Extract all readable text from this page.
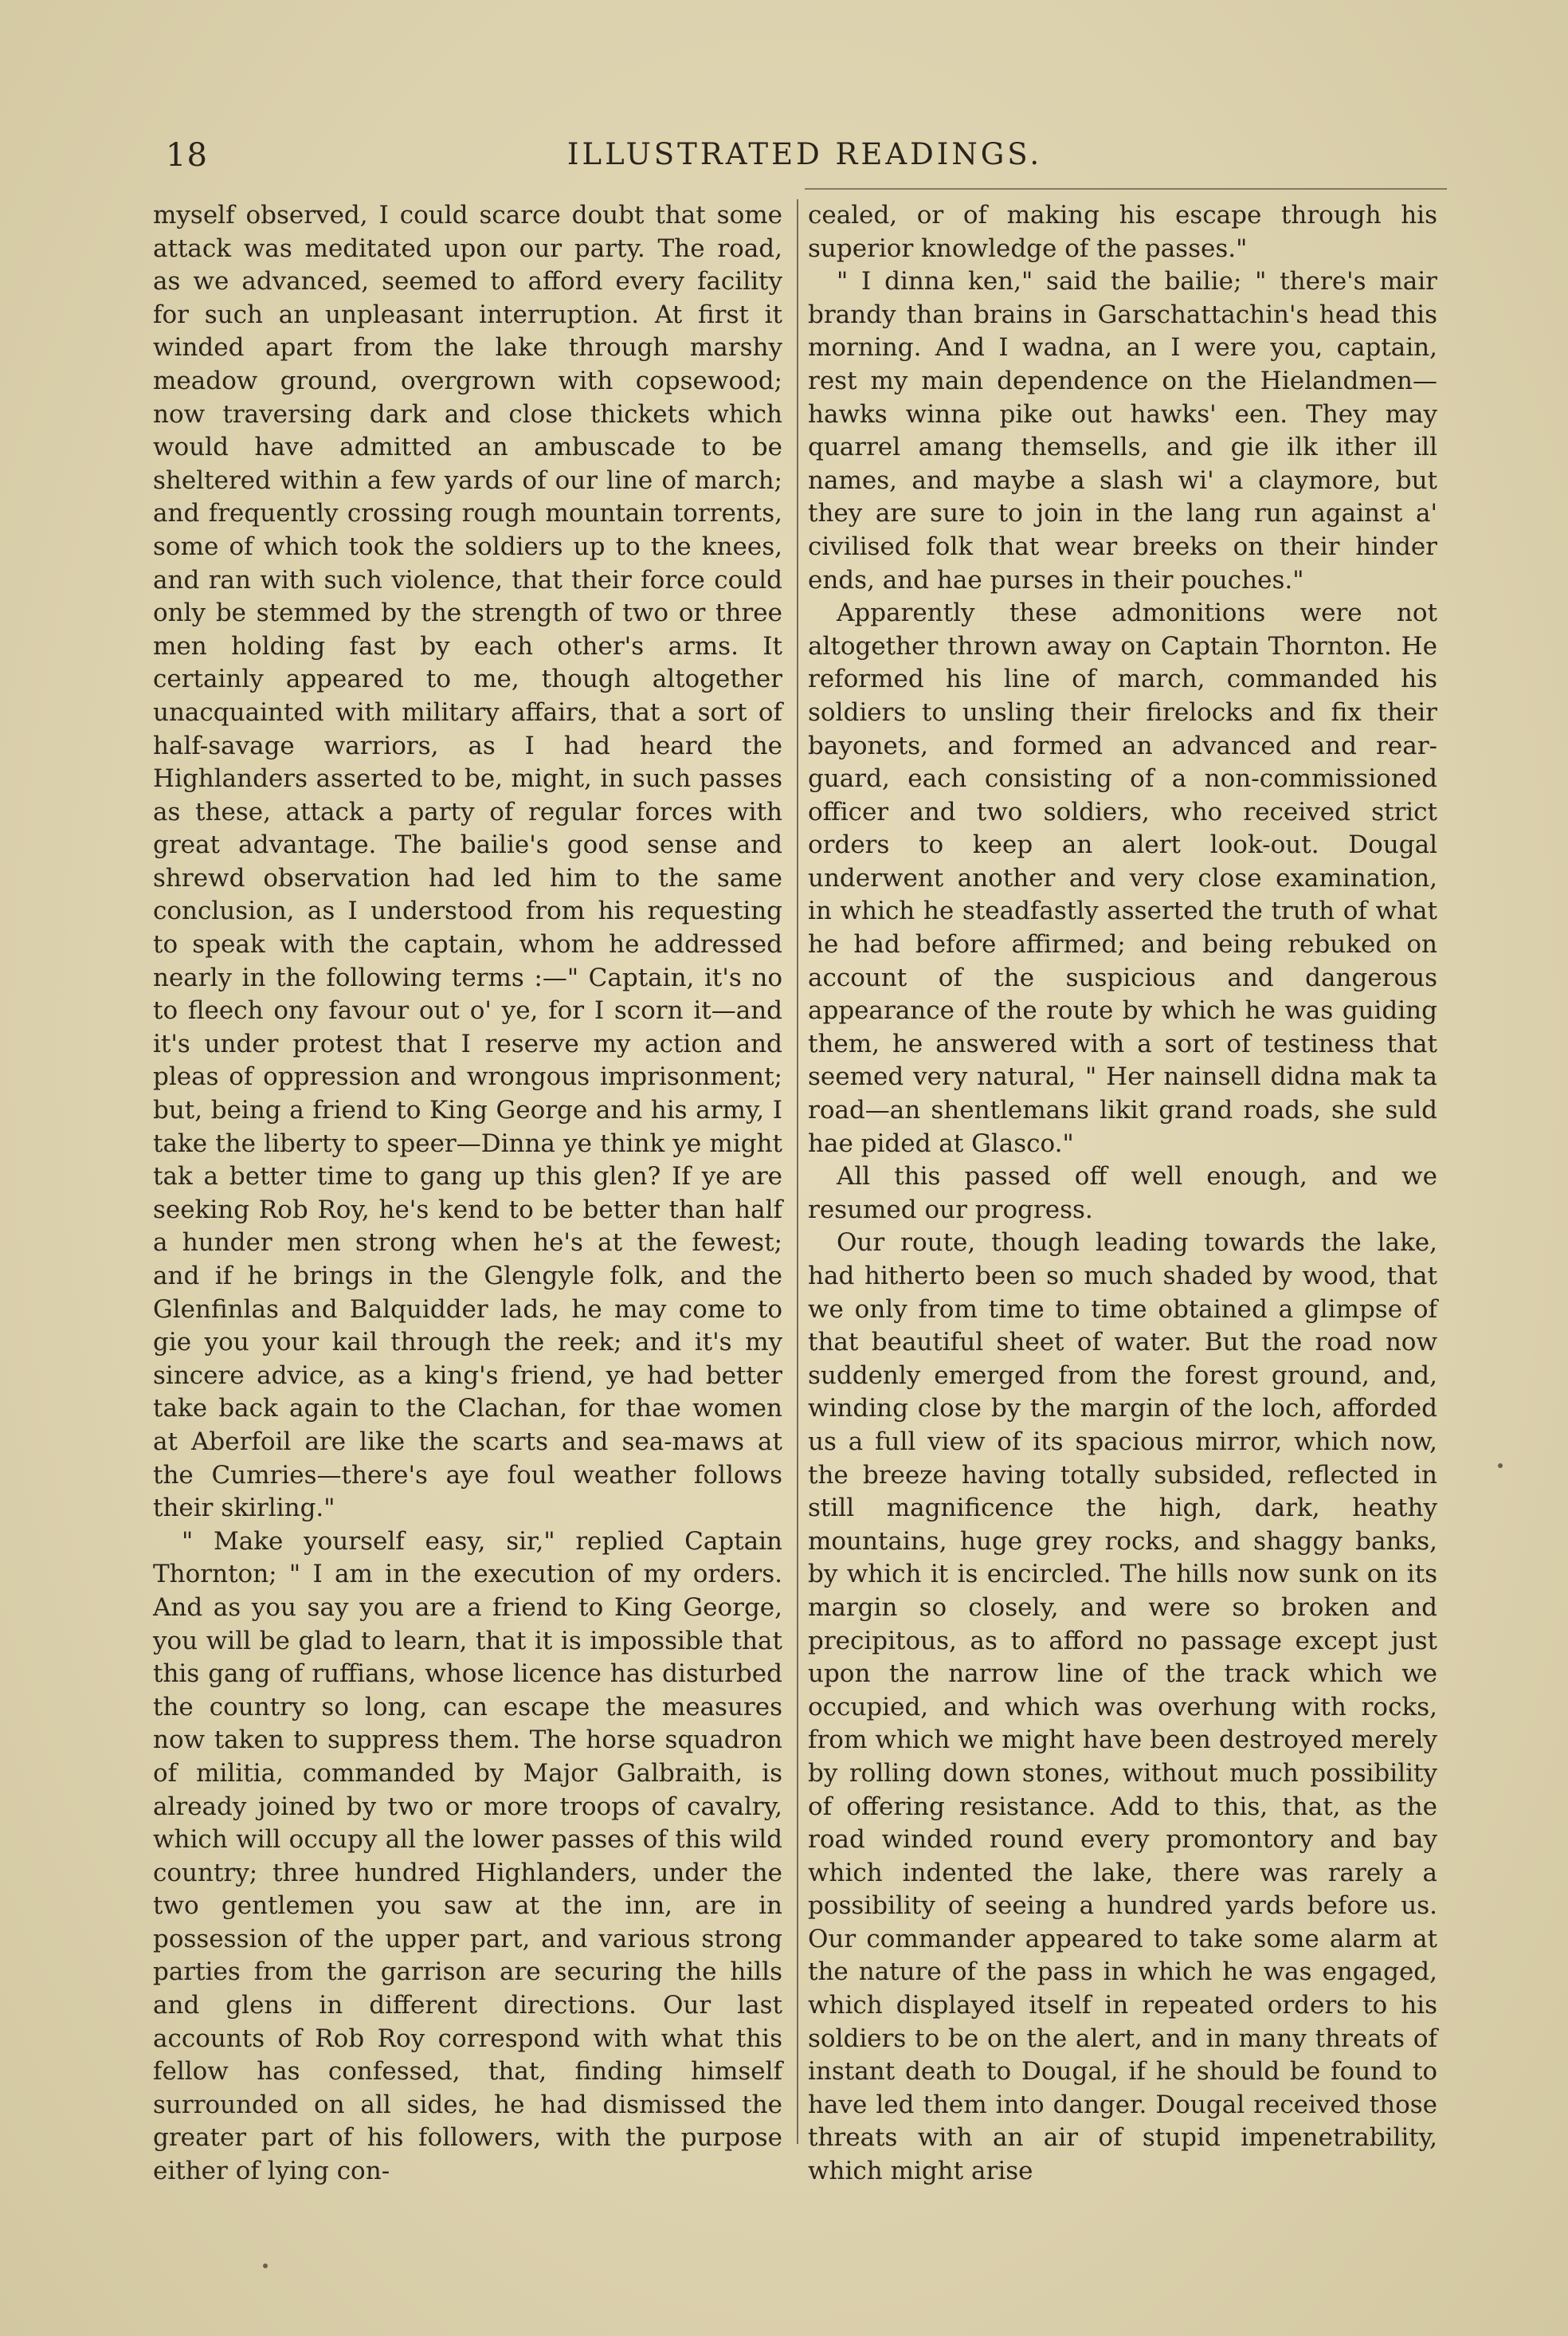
18	ILLUSTRATED READINGS.

myself observed, I could scarce doubt that some attack was meditated upon our party. The road, as we advanced, seemed to afford every facility for such an unpleasant interruption. At first it winded apart from the lake through marshy meadow ground, overgrown with copsewood; now traversing dark and close thickets which would have admitted an ambuscade to be sheltered within a few yards of our line of march; and frequently crossing rough mountain torrents, some of which took the soldiers up to the knees, and ran with such violence, that their force could only be stemmed by the strength of two or three men holding fast by each other's arms. It certainly appeared to me, though altogether unacquainted with military affairs, that a sort of half-savage warriors, as I had heard the Highlanders asserted to be, might, in such passes as these, attack a party of regular forces with great advantage. The bailie's good sense and shrewd observation had led him to the same conclusion, as I understood from his requesting to speak with the captain, whom he addressed nearly in the following terms :—" Captain, it's no to fleech ony favour out o' ye, for I scorn it—and it's under protest that I reserve my action and pleas of oppression and wrongous imprisonment; but, being a friend to King George and his army, I take the liberty to speer—Dinna ye think ye might tak a better time to gang up this glen? If ye are seeking Rob Roy, he's kend to be better than half a hunder men strong when he's at the fewest; and if he brings in the Glengyle folk, and the Glenfinlas and Balquidder lads, he may come to gie you your kail through the reek; and it's my sincere advice, as a king's friend, ye had better take back again to the Clachan, for thae women at Aberfoil are like the scarts and sea-maws at the Cumries—there's aye foul weather follows their skirling."

" Make yourself easy, sir," replied Captain Thornton; " I am in the execution of my orders. And as you say you are a friend to King George, you will be glad to learn, that it is impossible that this gang of ruffians, whose licence has disturbed the country so long, can escape the measures now taken to suppress them. The horse squadron of militia, commanded by Major Galbraith, is already joined by two or more troops of cavalry, which will occupy all the lower passes of this wild country; three hundred Highlanders, under the two gentlemen you saw at the inn, are in possession of the upper part, and various strong parties from the garrison are securing the hills and glens in different directions. Our last accounts of Rob Roy correspond with what this fellow has confessed, that, finding himself surrounded on all sides, he had dismissed the greater part of his followers, with the purpose either of lying con-

cealed, or of making his escape through his superior knowledge of the passes."

" I dinna ken," said the bailie; " there's mair brandy than brains in Garschattachin's head this morning. And I wadna, an I were you, captain, rest my main dependence on the Hielandmen—hawks winna pike out hawks' een. They may quarrel amang themsells, and gie ilk ither ill names, and maybe a slash wi' a claymore, but they are sure to join in the lang run against a' civilised folk that wear breeks on their hinder ends, and hae purses in their pouches."

Apparently these admonitions were not altogether thrown away on Captain Thornton. He reformed his line of march, commanded his soldiers to unsling their firelocks and fix their bayonets, and formed an advanced and rear-guard, each consisting of a non-commissioned officer and two soldiers, who received strict orders to keep an alert look-out. Dougal underwent another and very close examination, in which he steadfastly asserted the truth of what he had before affirmed; and being rebuked on account of the suspicious and dangerous appearance of the route by which he was guiding them, he answered with a sort of testiness that seemed very natural, " Her nainsell didna mak ta road—an shentlemans likit grand roads, she suld hae pided at Glasco."

All this passed off well enough, and we resumed our progress.

Our route, though leading towards the lake, had hitherto been so much shaded by wood, that we only from time to time obtained a glimpse of that beautiful sheet of water. But the road now suddenly emerged from the forest ground, and, winding close by the margin of the loch, afforded us a full view of its spacious mirror, which now, the breeze having totally subsided, reflected in still magnificence the high, dark, heathy mountains, huge grey rocks, and shaggy banks, by which it is encircled. The hills now sunk on its margin so closely, and were so broken and precipitous, as to afford no passage except just upon the narrow line of the track which we occupied, and which was overhung with rocks, from which we might have been destroyed merely by rolling down stones, without much possibility of offering resistance. Add to this, that, as the road winded round every promontory and bay which indented the lake, there was rarely a possibility of seeing a hundred yards before us. Our commander appeared to take some alarm at the nature of the pass in which he was engaged, which displayed itself in repeated orders to his soldiers to be on the alert, and in many threats of instant death to Dougal, if he should be found to have led them into danger. Dougal received those threats with an air of stupid impenetrability, which might arise
